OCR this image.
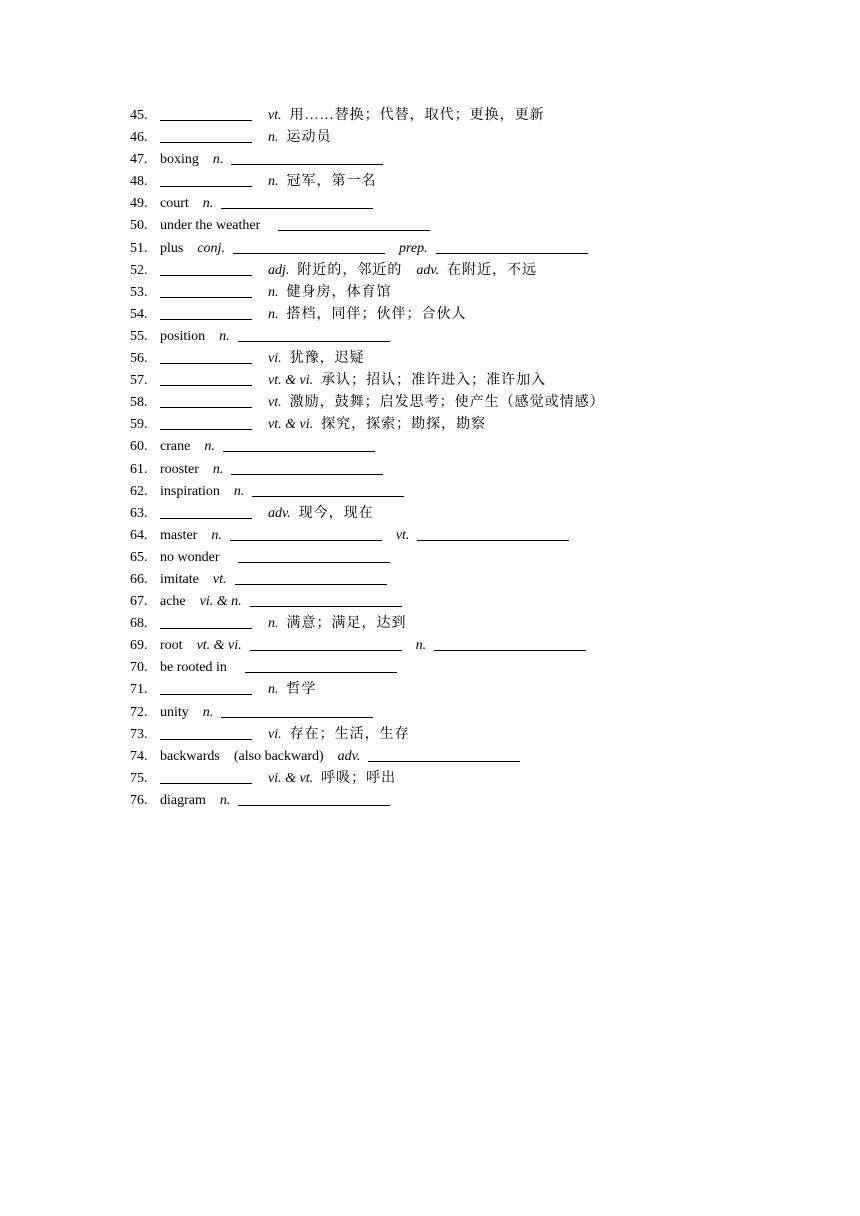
45.	vt. 用……替换；代替，取代；更换，更新
46.	n. 运动员
47. boxing n.
48.	n. 冠军，第一名
49. court n.
50. under the weather
51. plus conj.	prep.
52.	adj. 附近的，邻近的 adv. 在附近，不远
53.	n. 健身房，体育馆
54.	n. 搭档，同伴；伙伴；合伙人
55. position n.
56.	vi. 犹豫，迟疑
57.	vt. & vi. 承认；招认；准许进入；准许加入
58.	vt. 激励，鼓舞；启发思考；使产生（感觉或情感）
59.	vt. & vi. 探究，探索；勘探，勘察
60. crane n.
61. rooster n.
62. inspiration n.
63.	adv. 现今，现在
64. master n.	vt.
65. no wonder
66. imitate vt.
67. ache vi. & n.
68.	n. 满意；满足，达到
69. root vt. & vi.	n.
70. be rooted in
71.	n. 哲学
72. unity n.
73.	vi. 存在；生活，生存
74. backwards (also backward) adv.
75.	vi. & vt. 呼吸；呼出
76. diagram n.
